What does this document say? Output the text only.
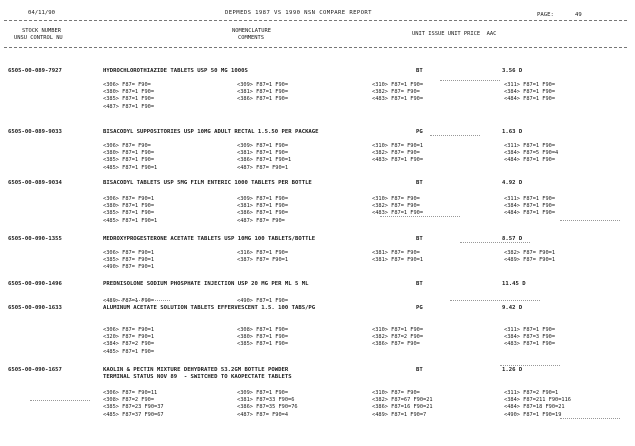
04/11/90	DEPMEDS 1987 VS 1990 NSN COMPARE REPORT	PAGE:	49
STOCK NUMBER
UNSU CONTROL NU
NOMENCLATURE
COMMENTS
UNIT ISSUE UNIT PRICE  AAC
6505-00-089-7927	HYDROCHLOROTHIAZIDE TABLETS USP 50 MG 1000S	BT	3.56 D
<306> F87= F90=	<309> F87=1 F90=	<310> F87=1 F90=	<311> F87=1 F90=
<380> F87=1 F90=	<381> F87=1 F90=	<382> F87= F90=	<384> F87=1 F90=
<385> F87=1 F90=	<386> F87=1 F90=	<483> F87=1 F90=	<484> F87=1 F90=
<487> F87=1 F90=
6505-00-089-9033	BISACODYL SUPPOSITORIES USP 10MG ADULT RECTAL 1.5.50 PER PACKAGE	PG	1.63 D
<306> F87= F90=	<309> F87=1 F90=	<310> F87= F90=1	<311> F87=1 F90=
<380> F87=1 F90=	<381> F87=1 F90=	<382> F87= F90=	<384> F87=5 F90=4
<385> F87=1 F90=	<386> F87=1 F90=1	<483> F87=1 F90=	<484> F87=1 F90=
<485> F87=1 F90=1	<487> F87= F90=1
6505-00-089-9034	BISACODYL TABLETS USP 5MG FILM ENTERIC 1000 TABLETS PER BOTTLE	BT	4.92 D
<306> F87= F90=1	<309> F87=1 F90=	<310> F87= F90=	<311> F87=1 F90=
<380> F87=1 F90=	<381> F87=1 F90=	<382> F87= F90=	<384> F87=1 F90=
<385> F87=1 F90=	<386> F87=1 F90=	<483> F87=1 F90=	<484> F87=1 F90=
<485> F87=1 F90=1	<487> F87= F90=
6505-00-090-1355	MEDROXYPROGESTERONE ACETATE TABLETS USP 10MG 100 TABLETS/BOTTLE	BT	8.57 D
<306> F87= F90=1	<316> F87=1 F90=	<381> F87= F90=	<382> F87= F90=1
<385> F87= F90=1	<387> F87= F90=1	<381> F87= F90=1	<489> F87= F90=1
<490> F87= F90=1
6505-00-090-1496	PREDNISOLONE SODIUM PHOSPHATE INJECTION USP 20 MG PER ML 5 ML	BT	11.45 D
<489> F87=1 F90=	<490> F87=1 F90=
6505-00-090-1633	ALUMINUM ACETATE SOLUTION TABLETS EFFERVESCENT 1.5. 100 TABS/PG	PG	9.42 D
<306> F87= F90=1	<308> F87=1 F90=	<310> F87=1 F90=	<311> F87=1 F90=
<320> F87= F90=1	<380> F87=1 F90=	<382> F87=2 F90=	<384> F87=3 F90=
<384> F87=2 F90=	<385> F87=1 F90=	<386> F87= F90=	<483> F87=1 F90=
<485> F87=1 F90=
6505-00-090-1657	KAOLIN & PECTIN MIXTURE DEHYDRATED 53.2GM BOTTLE POWDER
TERMINAL STATUS NOV 89  - SWITCHED TO KAOPECTATE TABLETS
BT	1.26 D
<306> F87= F90=11	<309> F87=1 F90=	<310> F87= F90=	<311> F87=2 F90=1
<308> F87=2 F90=	<381> F87=33 F90=6	<382> F87=67 F90=21	<384> F87=211 F90=116
<385> F87=23 F90=37	<386> F87=35 F90=76	<386> F87=16 F90=21	<484> F87=18 F90=21
<485> F87=37 F90=67	<487> F87= F90=4	<489> F87=1 F90=7	<490> F87=1 F90=19
